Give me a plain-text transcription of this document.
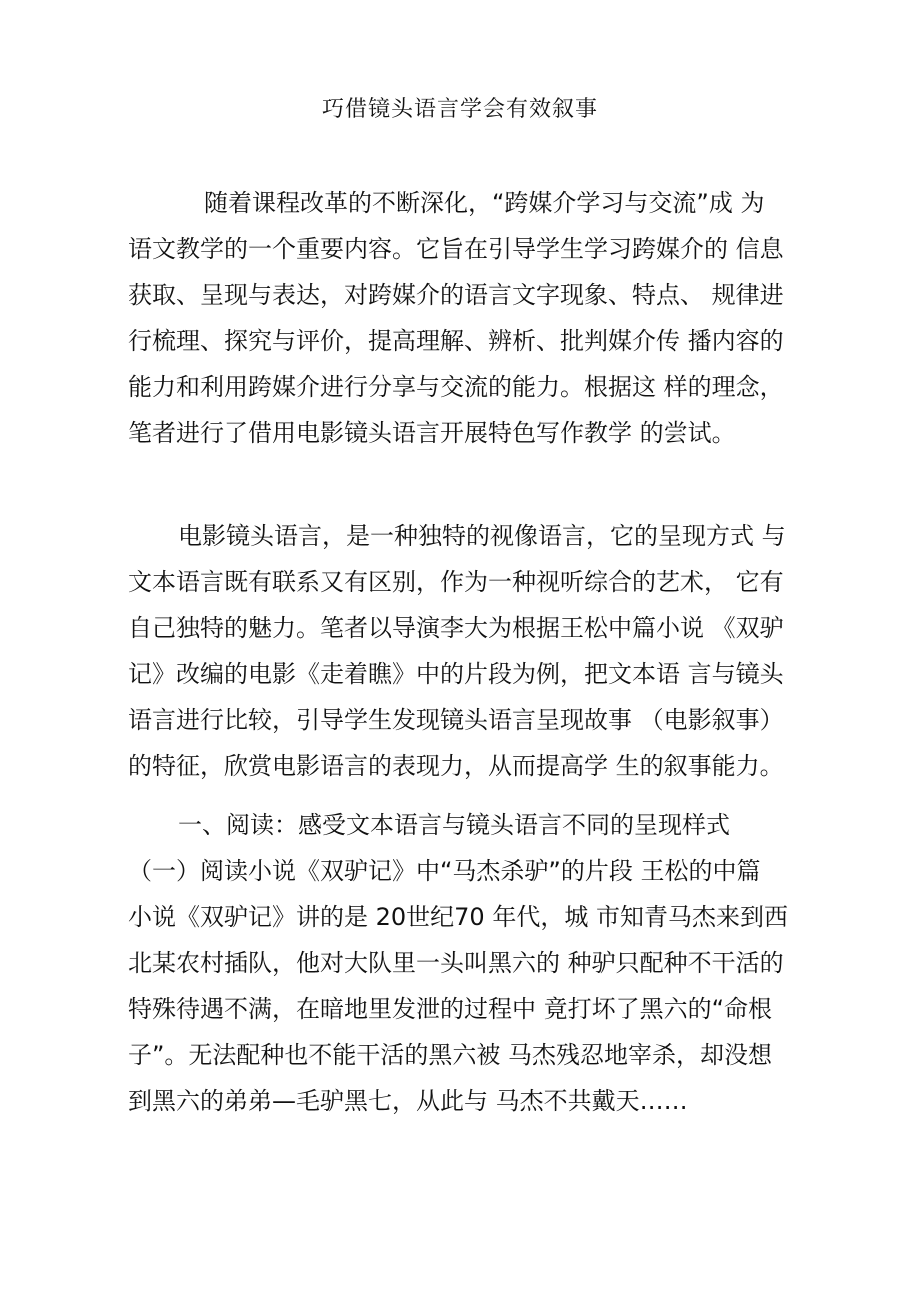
巧借镜头语言学会有效叙事
随着课程改革的不断深化，“跨媒介学习与交流”成 为
语文教学的一个重要内容。它旨在引导学生学习跨媒介的 信息
获取、呈现与表达，对跨媒介的语言文字现象、特点、 规律进
行梳理、探究与评价，提高理解、辨析、批判媒介传 播内容的
能力和利用跨媒介进行分享与交流的能力。根据这 样的理念，
笔者进行了借用电影镜头语言开展特色写作教学 的尝试。
电影镜头语言，是一种独特的视像语言，它的呈现方式 与
文本语言既有联系又有区别，作为一种视听综合的艺术， 它有
自己独特的魅力。笔者以导演李大为根据王松中篇小说 《双驴
记》改编的电影《走着瞧》中的片段为例，把文本语 言与镜头
语言进行比较，引导学生发现镜头语言呈现故事 （电影叙事）
的特征，欣赏电影语言的表现力，从而提高学 生的叙事能力。
一、阅读：感受文本语言与镜头语言不同的呈现样式
（一）阅读小说《双驴记》中“马杰杀驴”的片段 王松的中篇
小说《双驴记》讲的是 20世纪70 年代，城 市知青马杰来到西
北某农村插队，他对大队里一头叫黑六的 种驴只配种不干活的
特殊待遇不满，在暗地里发泄的过程中 竟打坏了黑六的“命根
子”。无法配种也不能干活的黑六被 马杰残忍地宰杀，却没想
到黑六的弟弟—毛驴黑七，从此与 马杰不共戴天……
